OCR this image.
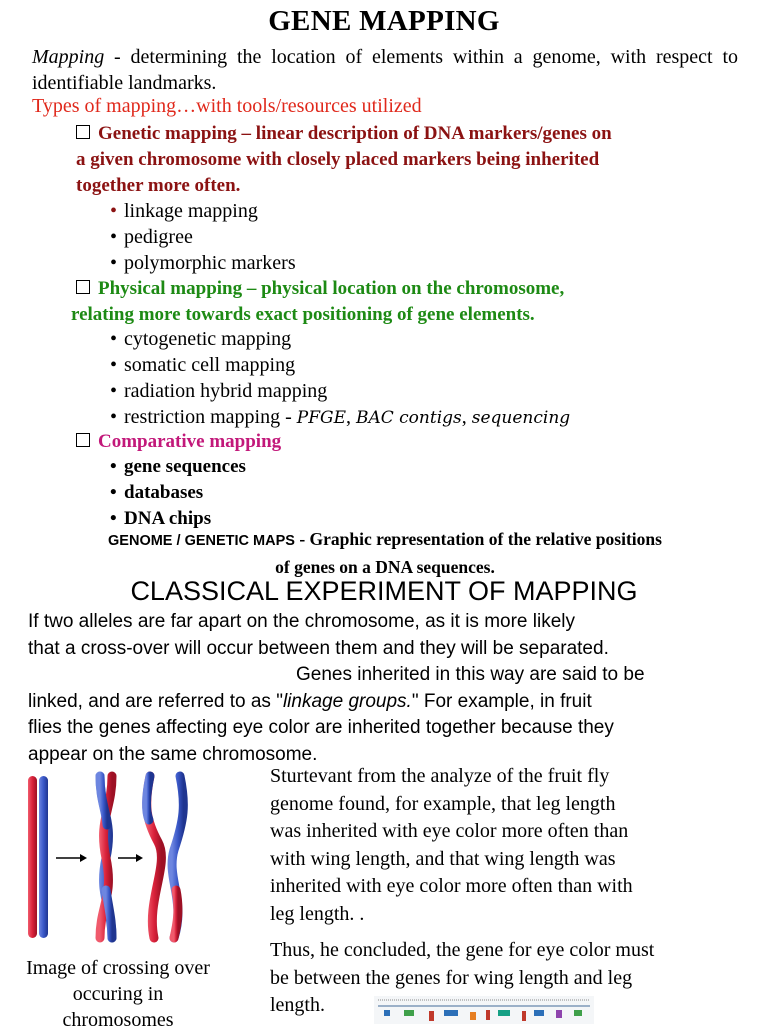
GENE MAPPING
Mapping - determining the location of elements within a genome, with respect to identifiable landmarks.
Types of mapping…with tools/resources utilized
Genetic mapping – linear description of DNA markers/genes on
a given chromosome with closely placed markers being inherited
together more often.
• linkage mapping
• pedigree
• polymorphic markers
Physical mapping – physical location on the chromosome,
relating more towards exact positioning of gene elements.
• cytogenetic mapping
• somatic cell mapping
• radiation hybrid mapping
• restriction mapping - PFGE, BAC contigs, sequencing
Comparative mapping
• gene sequences
• databases
• DNA chips
GENOME / GENETIC MAPS - Graphic representation of the relative positions
of genes on a DNA sequences.
CLASSICAL EXPERIMENT OF MAPPING
If two alleles are far apart on the chromosome, as it is more likely
that a cross-over will occur between them and they will be separated.
Genes inherited in this way are said to be
linked, and are referred to as "linkage groups." For example, in fruit
flies the genes affecting eye color are inherited together because they
appear on the same chromosome.
Image of crossing over
occuring in
chromosomes
Sturtevant from the analyze of the fruit fly
genome found, for example, that leg length
was inherited with eye color more often than
with wing length, and that wing length was
inherited with eye color more often than with
leg length. .
Thus, he concluded, the gene for eye color must
be between the genes for wing length and leg
length.
